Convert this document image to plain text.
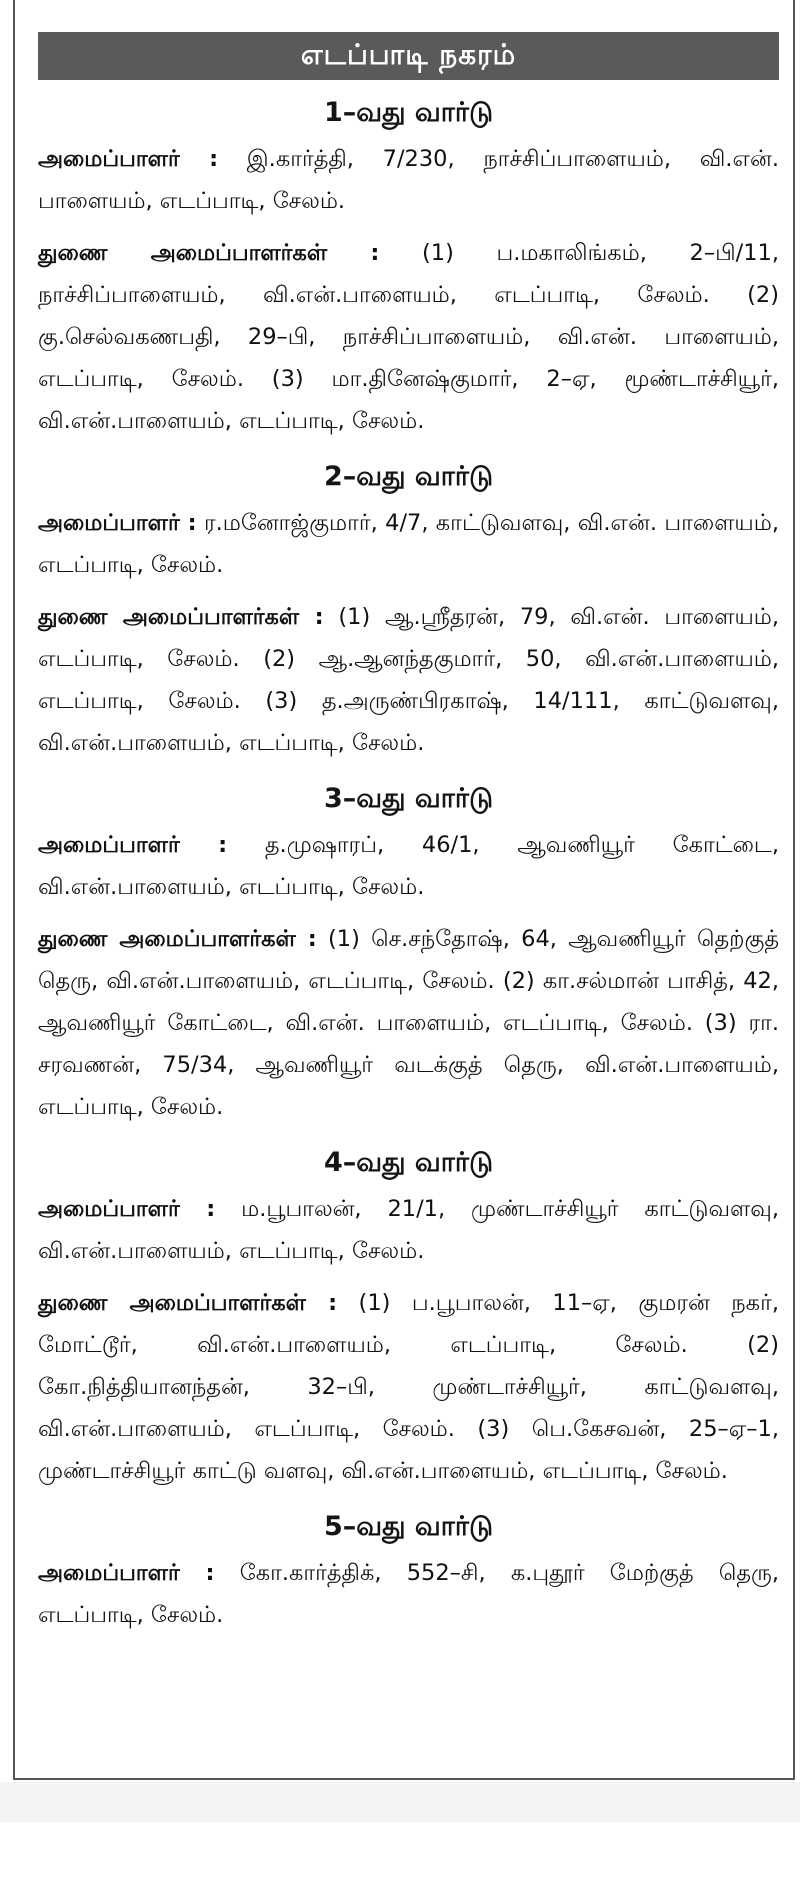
எடப்பாடி நகரம்
1–வது வார்டு

அமைப்பாளர் : இ.கார்த்தி, 7/230, நாச்சிப்பாளையம், வி.என். பாளையம், எடப்பாடி, சேலம்.

துணை அமைப்பாளர்கள் : (1) ப.மகாலிங்கம், 2–பி/11, நாச்சிப்பாளையம், வி.என்.பாளையம், எடப்பாடி, சேலம். (2) கு.செல்வகணபதி, 29–பி, நாச்சிப்பாளையம், வி.என். பாளையம், எடப்பாடி, சேலம். (3) மா.தினேஷ்குமார், 2–ஏ, மூண்டாச்சியூர், வி.என்.பாளையம், எடப்பாடி, சேலம்.

2–வது வார்டு

அமைப்பாளர் : ர.மனோஜ்குமார், 4/7, காட்டுவளவு, வி.என். பாளையம், எடப்பாடி, சேலம்.

துணை அமைப்பாளர்கள் : (1) ஆ.ஸ்ரீதரன், 79, வி.என். பாளையம், எடப்பாடி, சேலம். (2) ஆ.ஆனந்தகுமார், 50, வி.என்.பாளையம், எடப்பாடி, சேலம். (3) த.அருண்பிரகாஷ், 14/111, காட்டுவளவு, வி.என்.பாளையம், எடப்பாடி, சேலம்.

3–வது வார்டு

அமைப்பாளர் : த.முஷாரப், 46/1, ஆவணியூர் கோட்டை, வி.என்.பாளையம், எடப்பாடி, சேலம்.

துணை அமைப்பாளர்கள் : (1) செ.சந்தோஷ், 64, ஆவணியூர் தெற்குத் தெரு, வி.என்.பாளையம், எடப்பாடி, சேலம். (2) கா.சல்மான் பாசித், 42, ஆவணியூர் கோட்டை, வி.என். பாளையம், எடப்பாடி, சேலம். (3) ரா. சரவணன், 75/34, ஆவணியூர் வடக்குத் தெரு, வி.என்.பாளையம், எடப்பாடி, சேலம்.

4–வது வார்டு

அமைப்பாளர் : ம.பூபாலன், 21/1, முண்டாச்சியூர் காட்டுவளவு, வி.என்.பாளையம், எடப்பாடி, சேலம்.

துணை அமைப்பாளர்கள் : (1) ப.பூபாலன், 11–ஏ, குமரன் நகர், மோட்டூர், வி.என்.பாளையம், எடப்பாடி, சேலம். (2) கோ.நித்தியானந்தன், 32–பி, முண்டாச்சியூர், காட்டுவளவு, வி.என்.பாளையம், எடப்பாடி, சேலம். (3) பெ.கேசவன், 25–ஏ–1, முண்டாச்சியூர் காட்டு வளவு, வி.என்.பாளையம், எடப்பாடி, சேலம்.

5–வது வார்டு

அமைப்பாளர் : கோ.கார்த்திக், 552–சி, க.புதூர் மேற்குத் தெரு, எடப்பாடி, சேலம்.
